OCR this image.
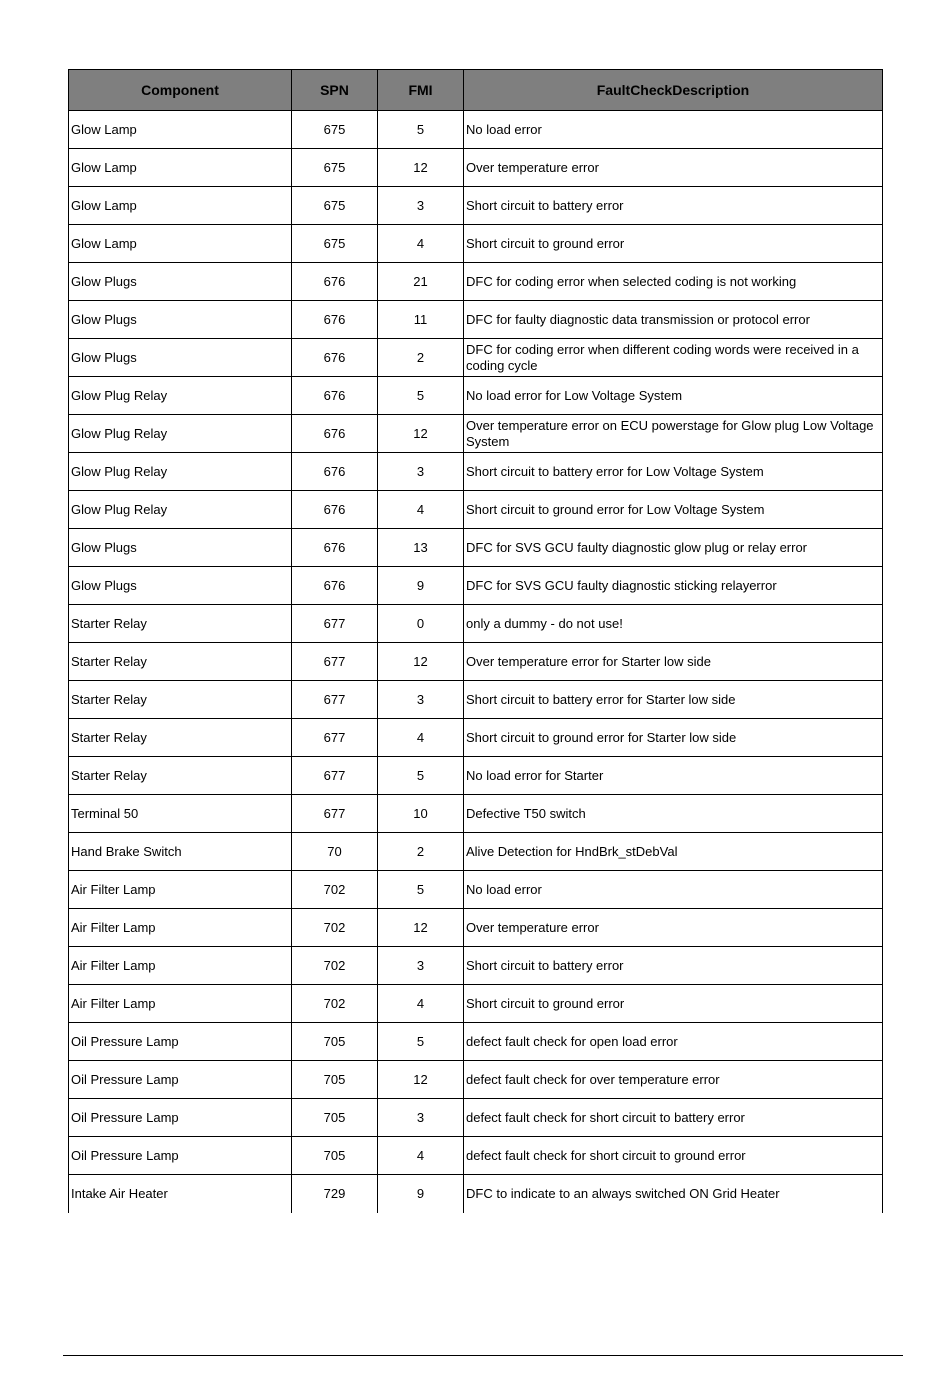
Component	SPN	FMI	FaultCheckDescription
Glow Lamp	675	5	No load error
Glow Lamp	675	12	Over temperature error
Glow Lamp	675	3	Short circuit to battery error
Glow Lamp	675	4	Short circuit to ground error
Glow Plugs	676	21	DFC for coding error when selected coding is not working
Glow Plugs	676	11	DFC for faulty diagnostic data transmission or protocol error
Glow Plugs	676	2	DFC for coding error when different coding words were received in a coding cycle
Glow Plug Relay	676	5	No load error for Low Voltage System
Glow Plug Relay	676	12	Over temperature error on ECU powerstage for Glow plug Low Voltage System
Glow Plug Relay	676	3	Short circuit to battery error for Low Voltage System
Glow Plug Relay	676	4	Short circuit to ground error for Low Voltage System
Glow Plugs	676	13	DFC for SVS GCU faulty diagnostic glow plug or relay error
Glow Plugs	676	9	DFC for SVS GCU faulty diagnostic sticking relayerror
Starter Relay	677	0	only a dummy - do not use!
Starter Relay	677	12	Over temperature error for Starter low side
Starter Relay	677	3	Short circuit to battery error for Starter low side
Starter Relay	677	4	Short circuit to ground error for Starter low side
Starter Relay	677	5	No load error for Starter
Terminal 50	677	10	Defective T50 switch
Hand Brake Switch	70	2	Alive Detection for HndBrk_stDebVal
Air Filter Lamp	702	5	No load error
Air Filter Lamp	702	12	Over temperature error
Air Filter Lamp	702	3	Short circuit to battery error
Air Filter Lamp	702	4	Short circuit to ground error
Oil Pressure Lamp	705	5	defect fault check for open load error
Oil Pressure Lamp	705	12	defect fault check for over temperature error
Oil Pressure Lamp	705	3	defect fault check for short circuit to battery error
Oil Pressure Lamp	705	4	defect fault check for short circuit to ground error
Intake Air Heater	729	9	DFC to indicate to an always switched ON Grid Heater
